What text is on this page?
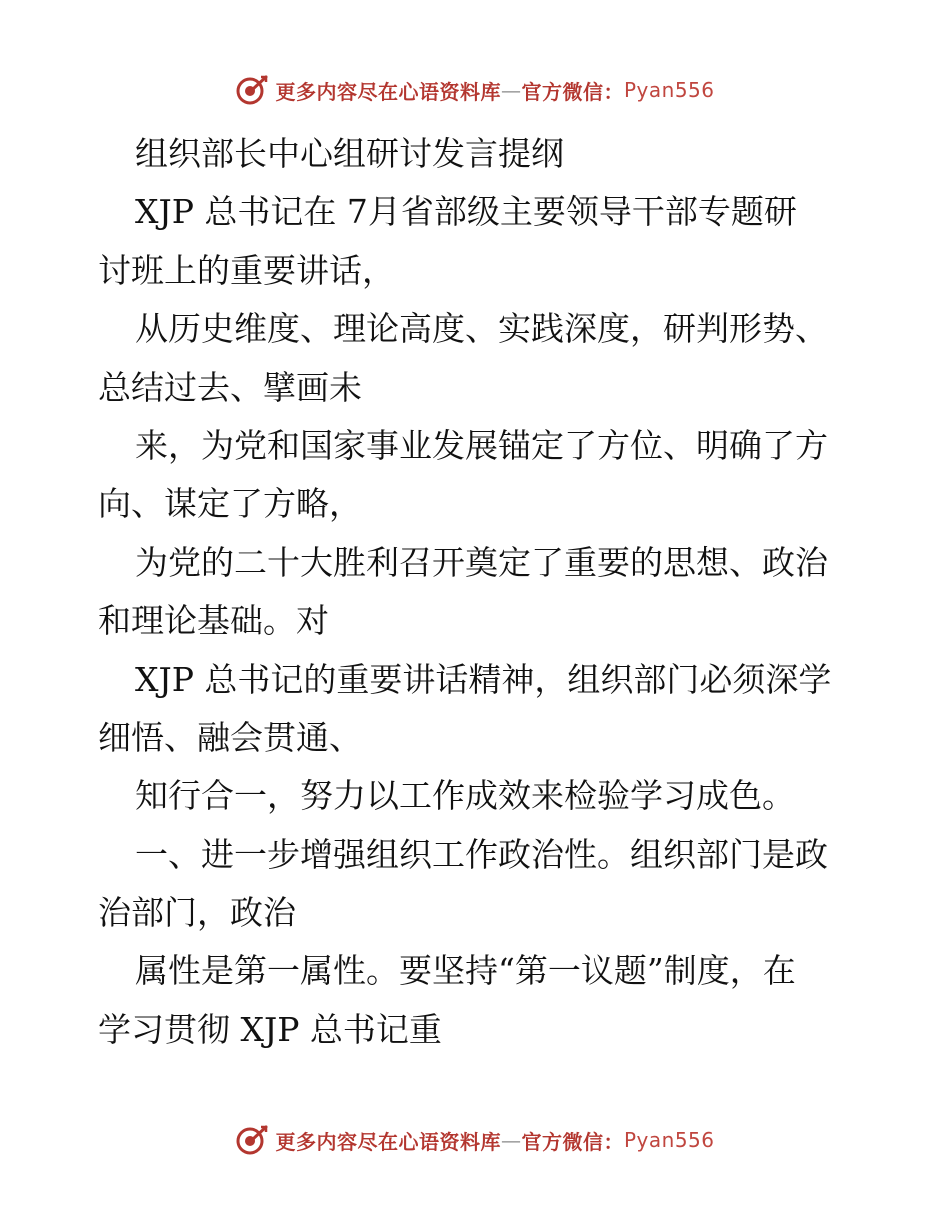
更多内容尽在心语资料库 — 官方微信： Pyan556
组织部长中心组研讨发言提纲
XJP 总书记在 7月省部级主要领导干部专题研
讨班上的重要讲话，
从历史维度、理论高度、实践深度，研判形势、
总结过去、擘画未
来，为党和国家事业发展锚定了方位、明确了方
向、谋定了方略，
为党的二十大胜利召开奠定了重要的思想、政治
和理论基础。对
XJP 总书记的重要讲话精神，组织部门必须深学
细悟、融会贯通、
知行合一，努力以工作成效来检验学习成色。
一、进一步增强组织工作政治性。组织部门是政
治部门，政治
属性是第一属性。要坚持“第一议题”制度，在
学习贯彻 XJP 总书记重
更多内容尽在心语资料库 — 官方微信： Pyan556
